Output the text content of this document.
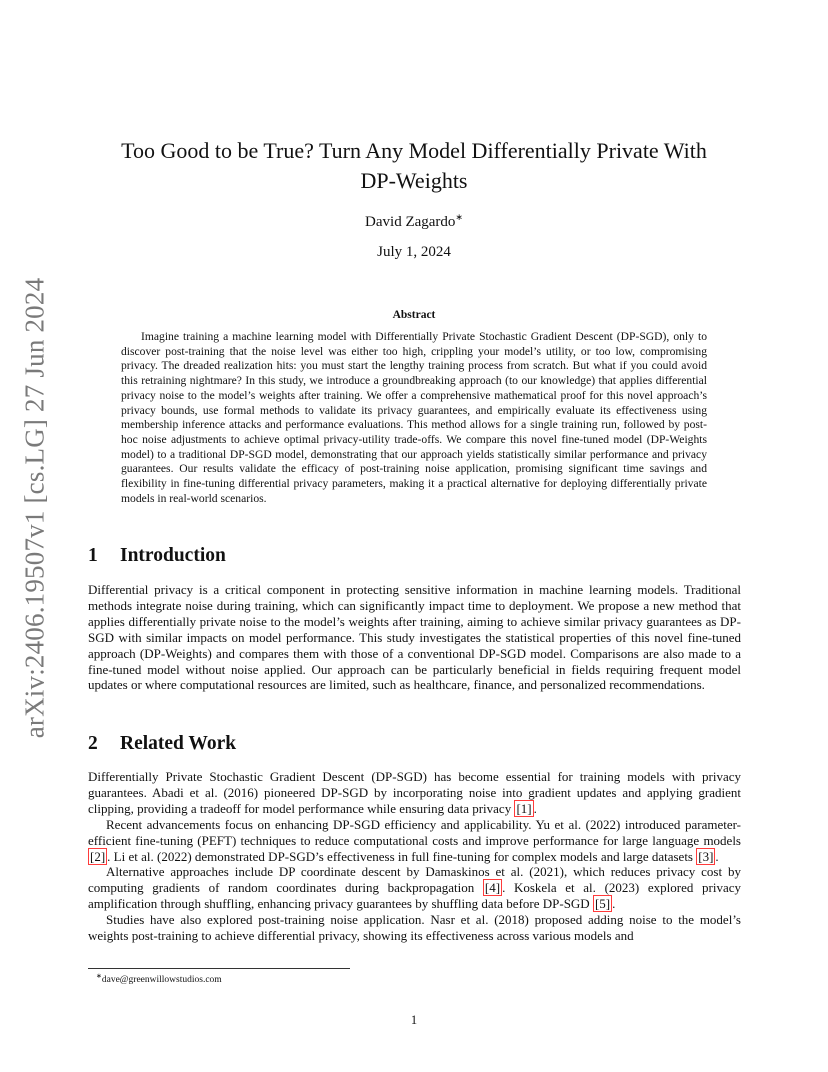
arXiv:2406.19507v1 [cs.LG] 27 Jun 2024
Too Good to be True? Turn Any Model Differentially Private With
DP-Weights
David Zagardo∗
July 1, 2024
Abstract

Imagine training a machine learning model with Differentially Private Stochastic Gradient Descent (DP-SGD), only to discover post-training that the noise level was either too high, crippling your model’s utility, or too low, compromising privacy. The dreaded realization hits: you must start the lengthy training process from scratch. But what if you could avoid this retraining nightmare? In this study, we introduce a groundbreaking approach (to our knowledge) that applies differential privacy noise to the model’s weights after training. We offer a comprehensive mathematical proof for this novel approach’s privacy bounds, use formal methods to validate its privacy guarantees, and empirically evaluate its effectiveness using membership inference attacks and performance evaluations. This method allows for a single training run, followed by post-hoc noise adjustments to achieve optimal privacy-utility trade-offs. We compare this novel fine-tuned model (DP-Weights model) to a traditional DP-SGD model, demonstrating that our approach yields statistically similar performance and privacy guarantees. Our results validate the efficacy of post-training noise application, promising significant time savings and flexibility in fine-tuning differential privacy parameters, making it a practical alternative for deploying differentially private models in real-world scenarios.

1 Introduction

Differential privacy is a critical component in protecting sensitive information in machine learning models. Traditional methods integrate noise during training, which can significantly impact time to deployment. We propose a new method that applies differentially private noise to the model’s weights after training, aiming to achieve similar privacy guarantees as DP-SGD with similar impacts on model performance. This study investigates the statistical properties of this novel fine-tuned approach (DP-Weights) and compares them with those of a conventional DP-SGD model. Comparisons are also made to a fine-tuned model without noise applied. Our approach can be particularly beneficial in fields requiring frequent model updates or where computational resources are limited, such as healthcare, finance, and personalized recommendations.

2 Related Work

Differentially Private Stochastic Gradient Descent (DP-SGD) has become essential for training models with privacy guarantees. Abadi et al. (2016) pioneered DP-SGD by incorporating noise into gradient updates and applying gradient clipping, providing a tradeoff for model performance while ensuring data privacy [1] .

Recent advancements focus on enhancing DP-SGD efficiency and applicability. Yu et al. (2022) introduced parameter-efficient fine-tuning (PEFT) techniques to reduce computational costs and improve performance for large language models [2] . Li et al. (2022) demonstrated DP-SGD’s effectiveness in full fine-tuning for complex models and large datasets [3] .

Alternative approaches include DP coordinate descent by Damaskinos et al. (2021), which reduces privacy cost by computing gradients of random coordinates during backpropagation [4] . Koskela et al. (2023) explored privacy amplification through shuffling, enhancing privacy guarantees by shuffling data before DP-SGD [5] .

Studies have also explored post-training noise application. Nasr et al. (2018) proposed adding noise to the model’s weights post-training to achieve differential privacy, showing its effectiveness across various models and

∗dave@greenwillowstudios.com
1
